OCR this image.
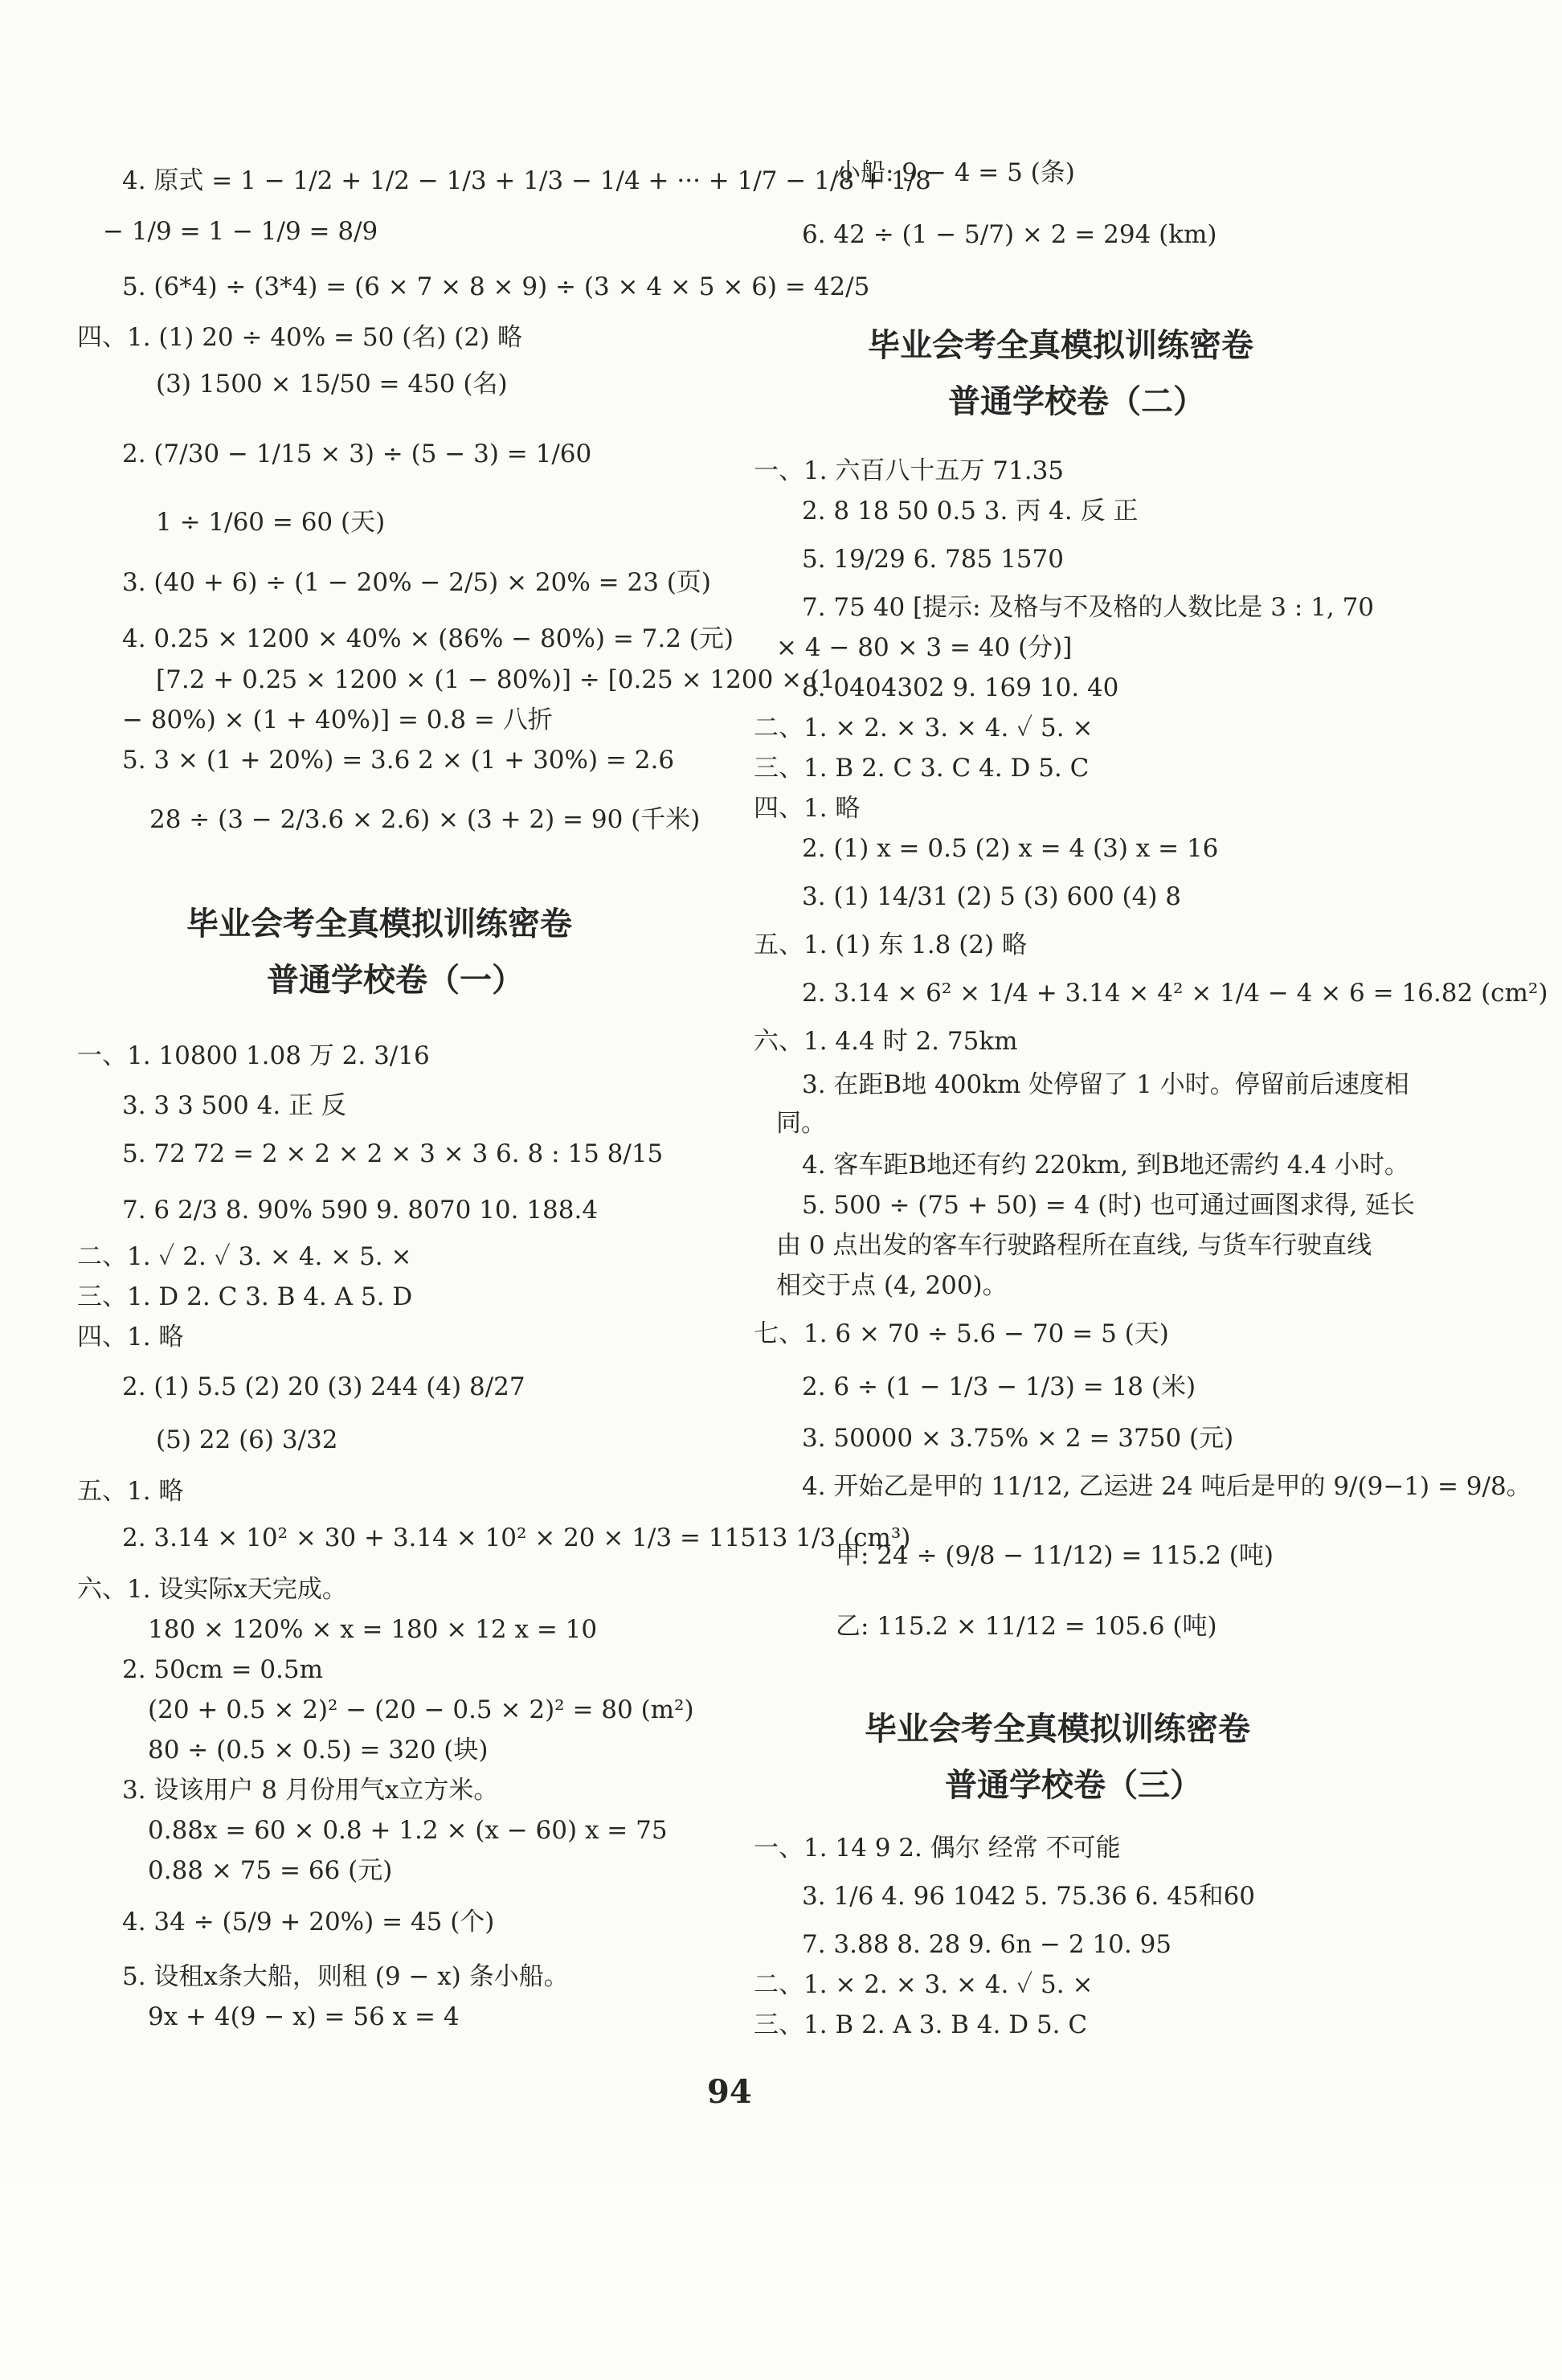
4. 原式 = 1 − 1/2 + 1/2 − 1/3 + 1/3 − 1/4 + ··· + 1/7 − 1/8 + 1/8
− 1/9 = 1 − 1/9 = 8/9
5. (6*4) ÷ (3*4) = (6 × 7 × 8 × 9) ÷ (3 × 4 × 5 × 6) = 42/5
四、1. (1) 20 ÷ 40% = 50 (名) (2) 略
(3) 1500 × 15/50 = 450 (名)
2. (7/30 − 1/15 × 3) ÷ (5 − 3) = 1/60
1 ÷ 1/60 = 60 (天)
3. (40 + 6) ÷ (1 − 20% − 2/5) × 20% = 23 (页)
4. 0.25 × 1200 × 40% × (86% − 80%) = 7.2 (元)
[7.2 + 0.25 × 1200 × (1 − 80%)] ÷ [0.25 × 1200 × (1
− 80%) × (1 + 40%)] = 0.8 = 八折
5. 3 × (1 + 20%) = 3.6 2 × (1 + 30%) = 2.6
28 ÷ (3 − 2/3.6 × 2.6) × (3 + 2) = 90 (千米)
毕业会考全真模拟训练密卷
普通学校卷（一）
一、1. 10800 1.08 万 2. 3/16
3. 3 3 500 4. 正 反
5. 72 72 = 2 × 2 × 2 × 3 × 3 6. 8 : 15 8/15
7. 6 2/3 8. 90% 590 9. 8070 10. 188.4
二、1. ✓ 2. ✓ 3. × 4. × 5. ×
三、1. D 2. C 3. B 4. A 5. D
四、1. 略
2. (1) 5.5 (2) 20 (3) 244 (4) 8/27
(5) 22 (6) 3/32
五、1. 略
2. 3.14 × 10² × 30 + 3.14 × 10² × 20 × 1/3 = 11513 1/3 (cm³)
六、1. 设实际x天完成。
180 × 120% × x = 180 × 12 x = 10
2. 50cm = 0.5m
(20 + 0.5 × 2)² − (20 − 0.5 × 2)² = 80 (m²)
80 ÷ (0.5 × 0.5) = 320 (块)
3. 设该用户 8 月份用气x立方米。
0.88x = 60 × 0.8 + 1.2 × (x − 60) x = 75
0.88 × 75 = 66 (元)
4. 34 ÷ (5/9 + 20%) = 45 (个)
5. 设租x条大船，则租 (9 − x) 条小船。
9x + 4(9 − x) = 56 x = 4
小船: 9 − 4 = 5 (条)
6. 42 ÷ (1 − 5/7) × 2 = 294 (km)
毕业会考全真模拟训练密卷
普通学校卷（二）
一、1. 六百八十五万 71.35
2. 8 18 50 0.5 3. 丙 4. 反 正
5. 19/29 6. 785 1570
7. 75 40 [提示: 及格与不及格的人数比是 3 : 1, 70
× 4 − 80 × 3 = 40 (分)]
8. 0404302 9. 169 10. 40
二、1. × 2. × 3. × 4. ✓ 5. ×
三、1. B 2. C 3. C 4. D 5. C
四、1. 略
2. (1) x = 0.5 (2) x = 4 (3) x = 16
3. (1) 14/31 (2) 5 (3) 600 (4) 8
五、1. (1) 东 1.8 (2) 略
2. 3.14 × 6² × 1/4 + 3.14 × 4² × 1/4 − 4 × 6 = 16.82 (cm²)
六、1. 4.4 时 2. 75km
3. 在距B地 400km 处停留了 1 小时。停留前后速度相
同。
4. 客车距B地还有约 220km, 到B地还需约 4.4 小时。
5. 500 ÷ (75 + 50) = 4 (时) 也可通过画图求得, 延长
由 0 点出发的客车行驶路程所在直线, 与货车行驶直线
相交于点 (4, 200)。
七、1. 6 × 70 ÷ 5.6 − 70 = 5 (天)
2. 6 ÷ (1 − 1/3 − 1/3) = 18 (米)
3. 50000 × 3.75% × 2 = 3750 (元)
4. 开始乙是甲的 11/12, 乙运进 24 吨后是甲的 9/(9−1) = 9/8。
甲: 24 ÷ (9/8 − 11/12) = 115.2 (吨)
乙: 115.2 × 11/12 = 105.6 (吨)
毕业会考全真模拟训练密卷
普通学校卷（三）
一、1. 14 9 2. 偶尔 经常 不可能
3. 1/6 4. 96 1042 5. 75.36 6. 45和60
7. 3.88 8. 28 9. 6n − 2 10. 95
二、1. × 2. × 3. × 4. ✓ 5. ×
三、1. B 2. A 3. B 4. D 5. C
94
